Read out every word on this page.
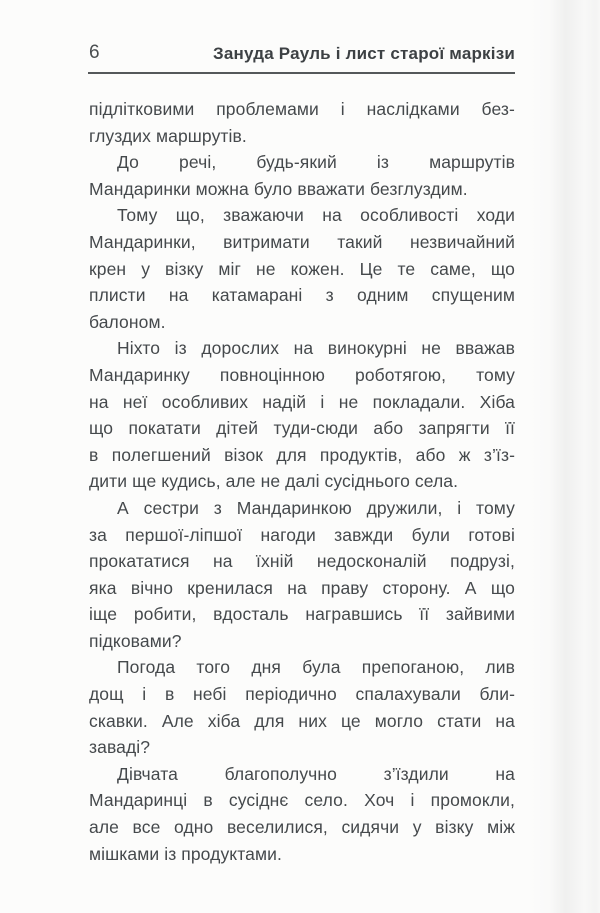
6	Зануда Рауль і лист старої маркізи
підлітковими проблемами і наслідками без-
глуздих маршрутів.
До речі, будь-який із маршрутів
Мандаринки можна було вважати безглуздим.
Тому що, зважаючи на особливості ходи
Мандаринки, витримати такий незвичайний
крен у візку міг не кожен. Це те саме, що
плисти на катамарані з одним спущеним
балоном.
Ніхто із дорослих на винокурні не вважав
Мандаринку повноцінною роботягою, тому
на неї особливих надій і не покладали. Хіба
що покатати дітей туди-сюди або запрягти її
в полегшений візок для продуктів, або ж з’їз-
дити ще кудись, але не далі сусіднього села.
А сестри з Мандаринкою дружили, і тому
за першої-ліпшої нагоди завжди були готові
прокататися на їхній недосконалій подрузі,
яка вічно кренилася на праву сторону. А що
іще робити, вдосталь награвшись її зайвими
підковами?
Погода того дня була препоганою, лив
дощ і в небі періодично спалахували бли-
скавки. Але хіба для них це могло стати на
заваді?
Дівчата благополучно з’їздили на
Мандаринці в сусіднє село. Хоч і промокли,
але все одно веселилися, сидячи у візку між
мішками із продуктами.
